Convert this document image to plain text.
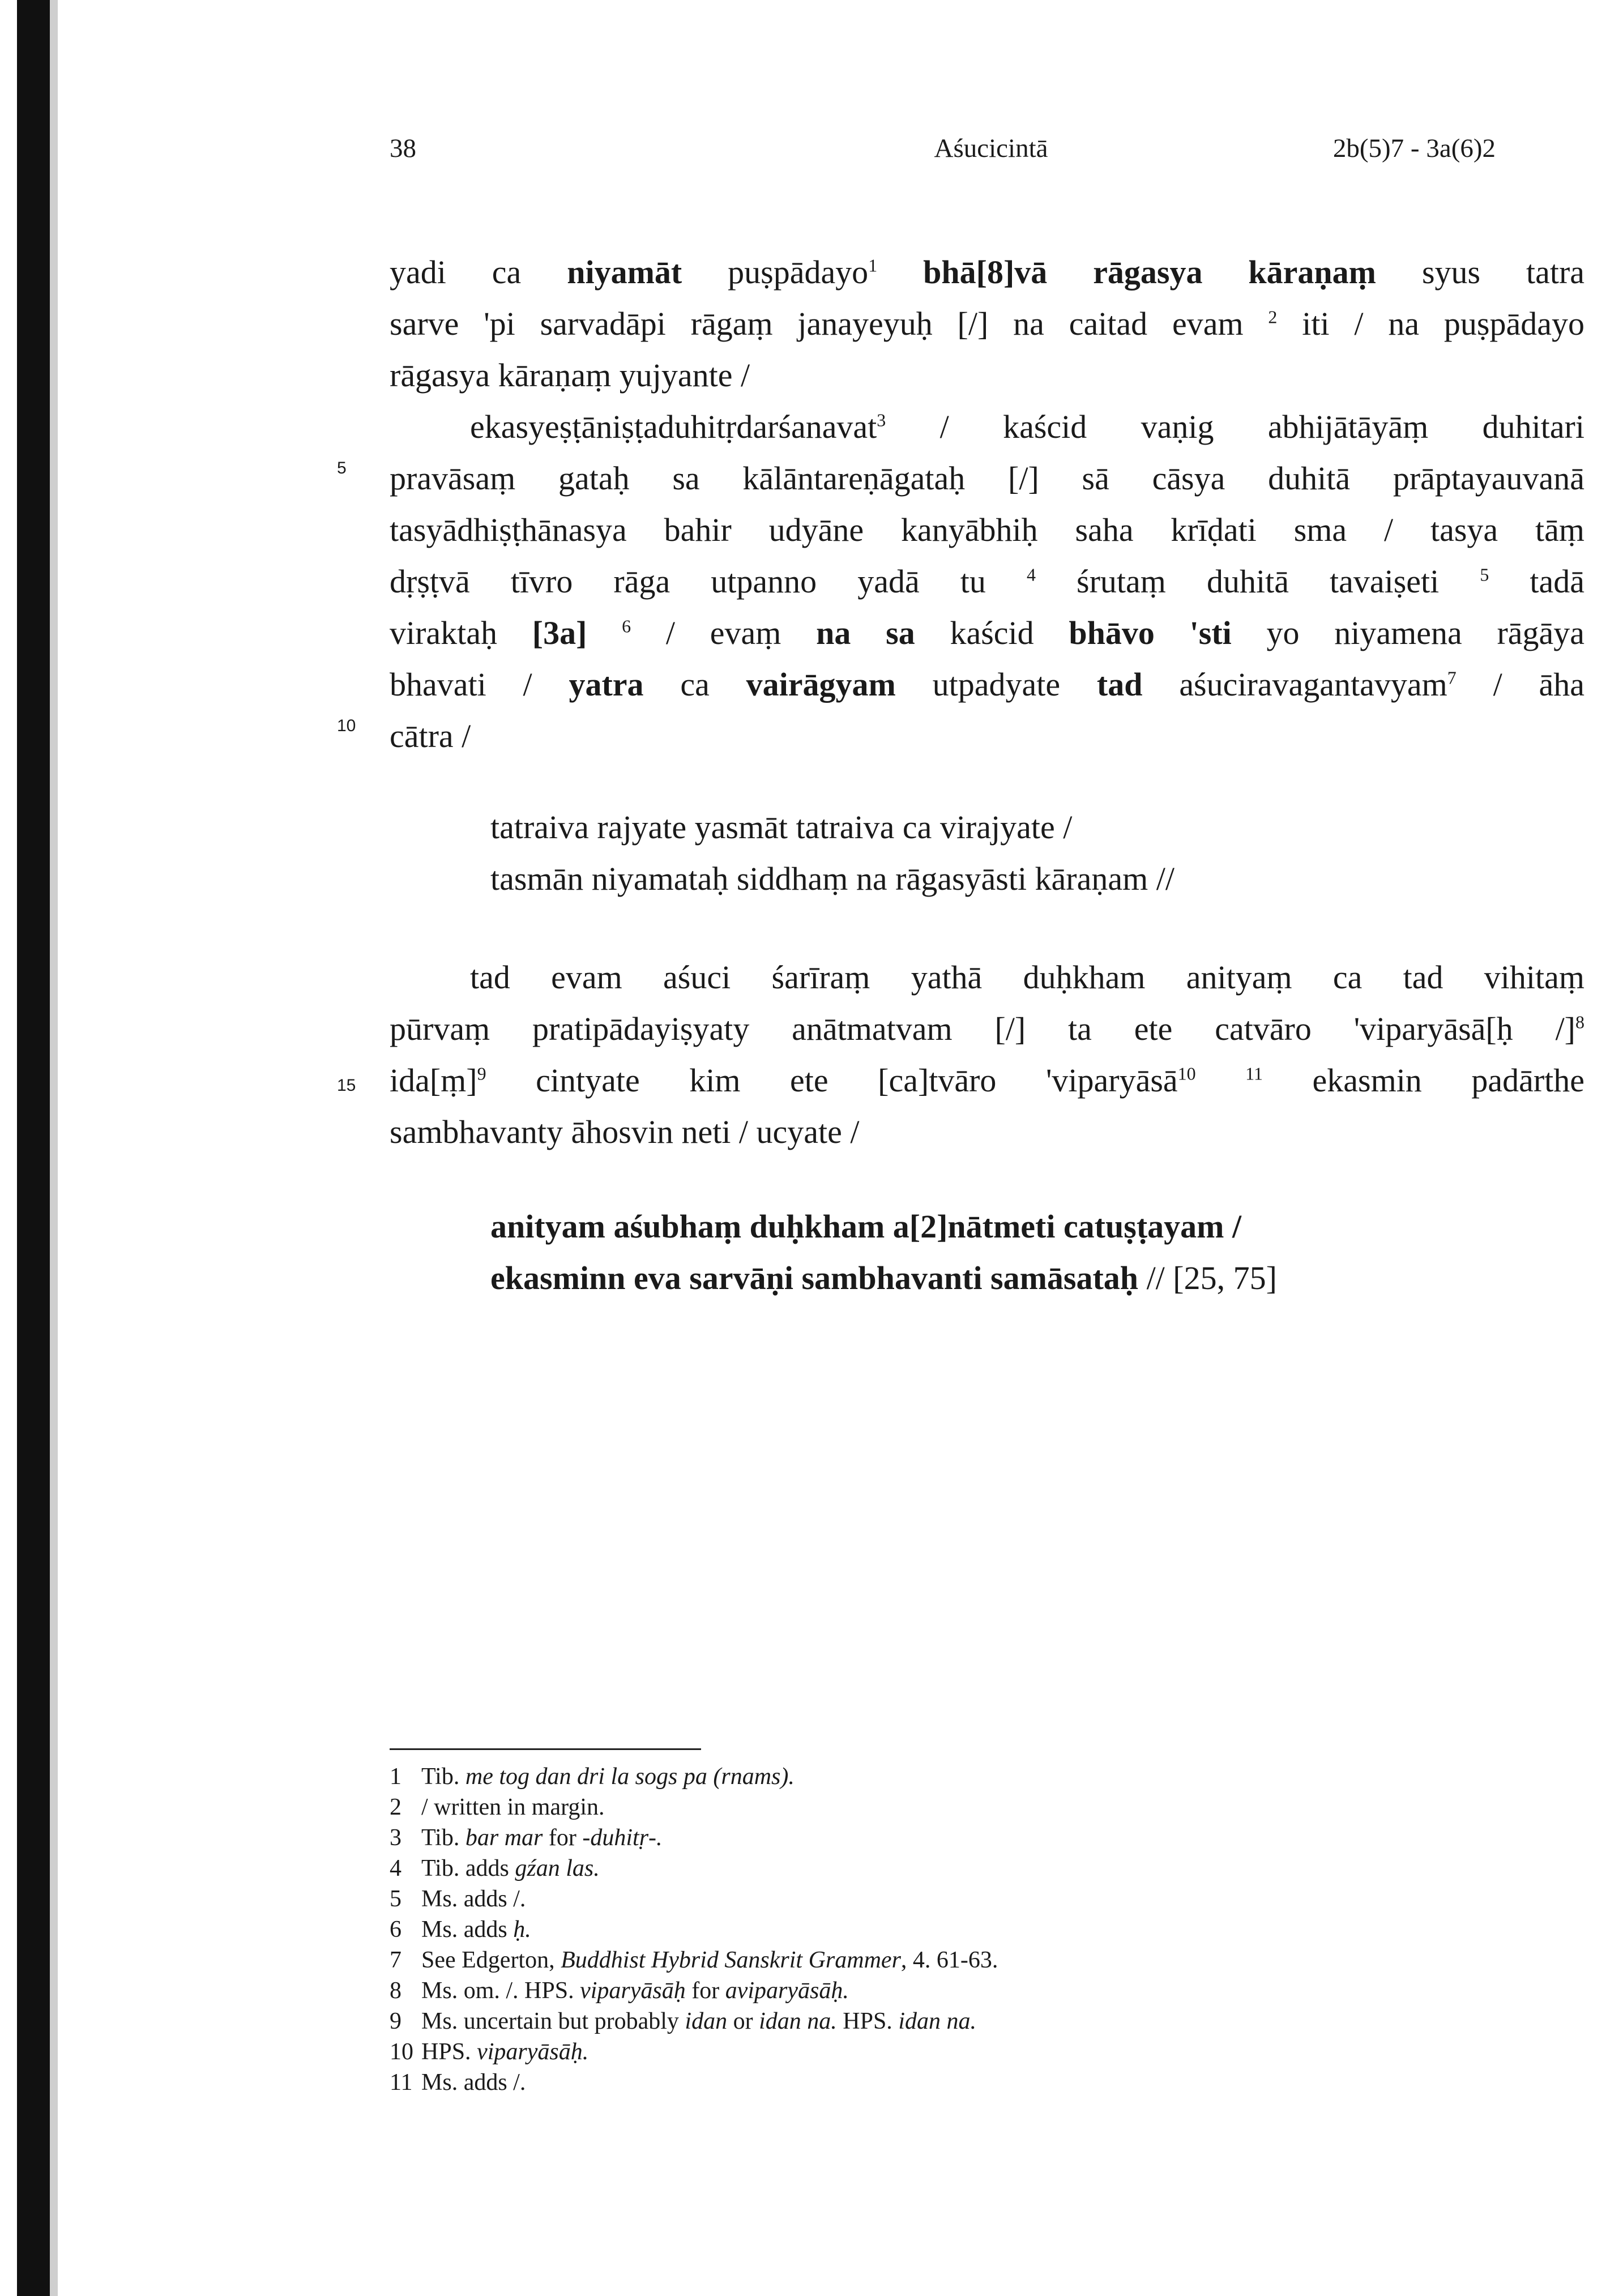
38	Aśucicintā	2b(5)7 - 3a(6)2
5
10
15
yadi ca niyamāt puṣpādayo$^1$ bhā[8]vā rāgasya kāraṇaṃ syus tatra
sarve 'pi sarvadāpi rāgaṃ janayeyuḥ [/] na caitad evam $^2$ iti / na puṣpādayo
rāgasya kāraṇaṃ yujyante /
ekasyeṣṭāniṣṭaduhitṛdarśanavat$^3$ / kaścid vaṇig abhijātāyāṃ duhitari
pravāsaṃ gataḥ sa kālāntareṇāgataḥ [/] sā cāsya duhitā prāptayauvanā
tasyādhiṣṭhānasya bahir udyāne kanyābhiḥ saha krīḍati sma / tasya tāṃ
dṛṣṭvā tīvro rāga utpanno yadā tu $^4$ śrutaṃ duhitā tavaiṣeti $^5$ tadā
viraktaḥ [3a] $^6$ / evaṃ na sa kaścid bhāvo 'sti yo niyamena rāgāya
bhavati / yatra ca vairāgyam utpadyate tad aśuciravagantavyam$^7$ / āha
cātra /
tatraiva rajyate yasmāt tatraiva ca virajyate /
tasmān niyamataḥ siddhaṃ na rāgasyāsti kāraṇam //
tad evam aśuci śarīraṃ yathā duḥkham anityaṃ ca tad vihitaṃ
pūrvaṃ pratipādayiṣyaty anātmatvam [/] ta ete catvāro 'viparyāsā[ḥ /]$^8$
ida[ṃ]$^9$ cintyate kim ete [ca]tvāro 'viparyāsā$^{10}$	$^{11}$ ekasmin padārthe
sambhavanty āhosvin neti / ucyate /
anityam aśubhaṃ duḥkham a[2]nātmeti catuṣṭayam /
ekasminn eva sarvāṇi sambhavanti samāsataḥ // [25, 75]
1 Tib. me tog dan dri la sogs pa (rnams).
2 / written in margin.
3 Tib. bar mar for -duhitṛ-.
4 Tib. adds gźan las.
5 Ms. adds /.
6 Ms. adds ḥ.
7 See Edgerton, Buddhist Hybrid Sanskrit Grammer, 4. 61-63.
8 Ms. om. /. HPS. viparyāsāḥ for aviparyāsāḥ.
9 Ms. uncertain but probably idan or idan na. HPS. idan na.
10 HPS. viparyāsāḥ.
11 Ms. adds /.
